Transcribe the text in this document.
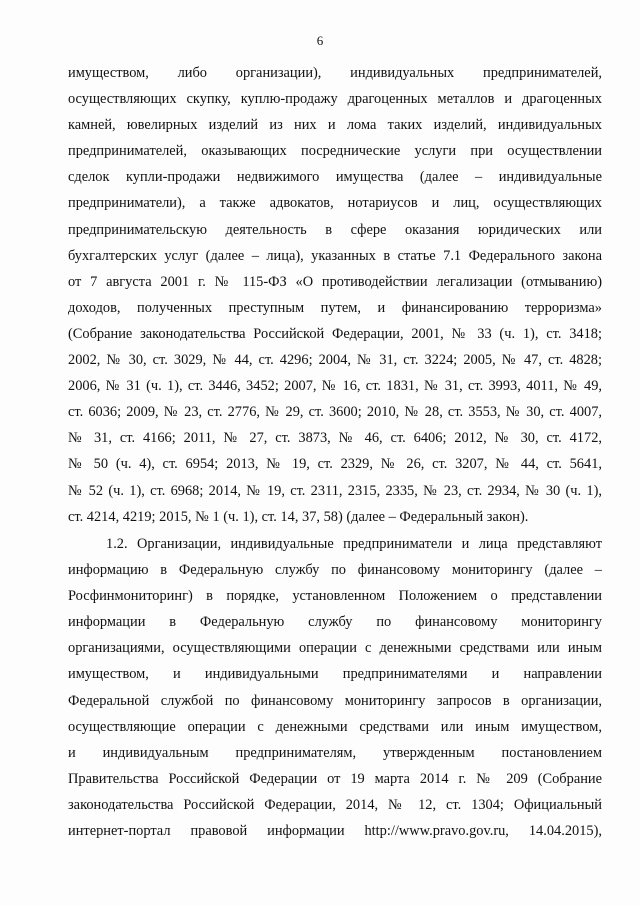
6
имуществом, либо организации), индивидуальных предпринимателей,
осуществляющих скупку, куплю-продажу драгоценных металлов и драгоценных
камней, ювелирных изделий из них и лома таких изделий, индивидуальных
предпринимателей, оказывающих посреднические услуги при осуществлении
сделок купли-продажи недвижимого имущества (далее – индивидуальные
предприниматели), а также адвокатов, нотариусов и лиц, осуществляющих
предпринимательскую деятельность в сфере оказания юридических или
бухгалтерских услуг (далее – лица), указанных в статье 7.1 Федерального закона
от 7 августа 2001 г. № 115-ФЗ «О противодействии легализации (отмыванию)
доходов, полученных преступным путем, и финансированию терроризма»
(Собрание законодательства Российской Федерации, 2001, № 33 (ч. 1), ст. 3418;
2002, № 30, ст. 3029, № 44, ст. 4296; 2004, № 31, ст. 3224; 2005, № 47, ст. 4828;
2006, № 31 (ч. 1), ст. 3446, 3452; 2007, № 16, ст. 1831, № 31, ст. 3993, 4011, № 49,
ст. 6036; 2009, № 23, ст. 2776, № 29, ст. 3600; 2010, № 28, ст. 3553, № 30, ст. 4007,
№ 31, ст. 4166; 2011, № 27, ст. 3873, № 46, ст. 6406; 2012, № 30, ст. 4172,
№ 50 (ч. 4), ст. 6954; 2013, № 19, ст. 2329, № 26, ст. 3207, № 44, ст. 5641,
№ 52 (ч. 1), ст. 6968; 2014, № 19, ст. 2311, 2315, 2335, № 23, ст. 2934, № 30 (ч. 1),
ст. 4214, 4219; 2015, № 1 (ч. 1), ст. 14, 37, 58) (далее – Федеральный закон).
1.2. Организации, индивидуальные предприниматели и лица представляют
информацию в Федеральную службу по финансовому мониторингу (далее –
Росфинмониторинг) в порядке, установленном Положением о представлении
информации в Федеральную службу по финансовому мониторингу
организациями, осуществляющими операции с денежными средствами или иным
имуществом, и индивидуальными предпринимателями и направлении
Федеральной службой по финансовому мониторингу запросов в организации,
осуществляющие операции с денежными средствами или иным имуществом,
и индивидуальным предпринимателям, утвержденным постановлением
Правительства Российской Федерации от 19 марта 2014 г. № 209 (Собрание
законодательства Российской Федерации, 2014, № 12, ст. 1304; Официальный
интернет-портал правовой информации http://www.pravo.gov.ru, 14.04.2015),
